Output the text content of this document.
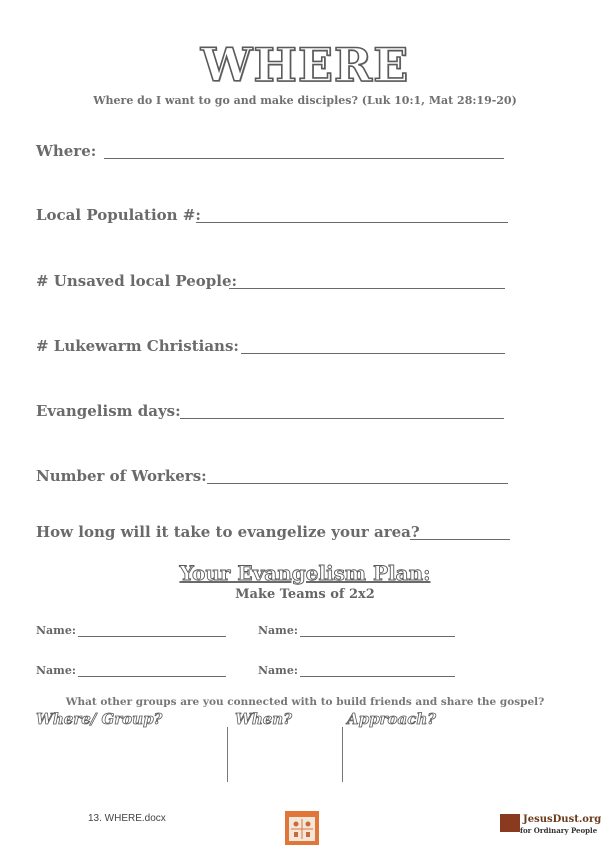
WHERE
Where do I want to go and make disciples? (Luk 10:1, Mat 28:19-20)
Where:
Local Population #:
# Unsaved local People:
# Lukewarm Christians:
Evangelism days:
Number of Workers:
How long will it take to evangelize your area?
Your Evangelism Plan:
Make Teams of 2x2
Name:	Name:
Name:	Name:
What other groups are you connected with to build friends and share the gospel?
Where/ Group?	When?	Approach?
13. WHERE.docx	JesusDust.org
for Ordinary People
